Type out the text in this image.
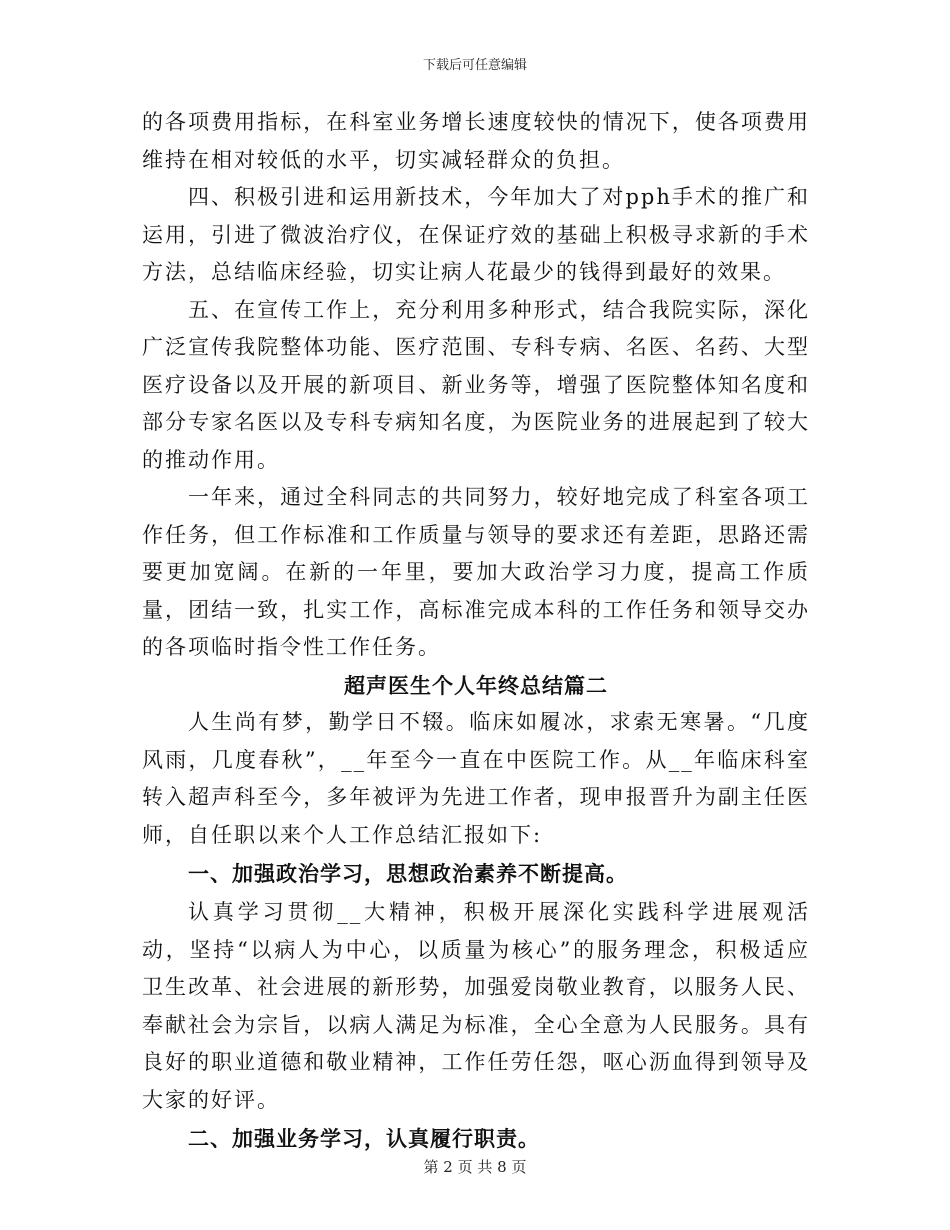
下载后可任意编辑

的各项费用指标，在科室业务增长速度较快的情况下，使各项费用维持在相对较低的水平，切实减轻群众的负担。

四、积极引进和运用新技术，今年加大了对pph手术的推广和运用，引进了微波治疗仪，在保证疗效的基础上积极寻求新的手术方法，总结临床经验，切实让病人花最少的钱得到最好的效果。

五、在宣传工作上，充分利用多种形式，结合我院实际，深化广泛宣传我院整体功能、医疗范围、专科专病、名医、名药、大型医疗设备以及开展的新项目、新业务等，增强了医院整体知名度和部分专家名医以及专科专病知名度，为医院业务的进展起到了较大的推动作用。

一年来，通过全科同志的共同努力，较好地完成了科室各项工作任务，但工作标准和工作质量与领导的要求还有差距，思路还需要更加宽阔。在新的一年里，要加大政治学习力度，提高工作质量，团结一致，扎实工作，高标准完成本科的工作任务和领导交办的各项临时指令性工作任务。

超声医生个人年终总结篇二

人生尚有梦，勤学日不辍。临床如履冰，求索无寒暑。“几度风雨，几度春秋”，__年至今一直在中医院工作。从__年临床科室转入超声科至今，多年被评为先进工作者，现申报晋升为副主任医师，自任职以来个人工作总结汇报如下:

一、加强政治学习，思想政治素养不断提高。

认真学习贯彻__大精神，积极开展深化实践科学进展观活动，坚持“以病人为中心，以质量为核心”的服务理念，积极适应卫生改革、社会进展的新形势，加强爱岗敬业教育，以服务人民、奉献社会为宗旨，以病人满足为标准，全心全意为人民服务。具有良好的职业道德和敬业精神，工作任劳任怨，呕心沥血得到领导及大家的好评。

二、加强业务学习，认真履行职责。

第 2 页 共 8 页
